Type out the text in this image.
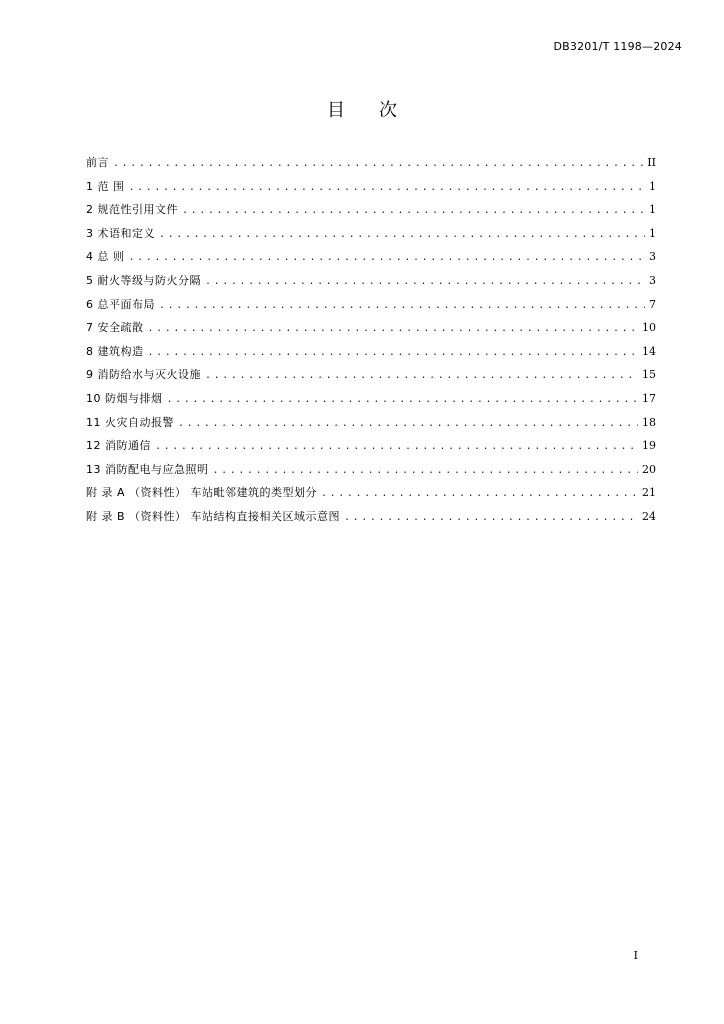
DB3201/T 1198—2024
目次
前言 .....	II
1 范 围 .....	1
2 规范性引用文件 .....	1
3 术语和定义 .....	1
4 总 则 .....	3
5 耐火等级与防火分隔 .....	3
6 总平面布局 .....	7
7 安全疏散 .....	10
8 建筑构造 .....	14
9 消防给水与灭火设施 .....	15
10 防烟与排烟 .....	17
11 火灾自动报警 .....	18
12 消防通信 .....	19
13 消防配电与应急照明 .....	20
附 录 A （资料性） 车站毗邻建筑的类型划分 .....	21
附 录 B （资料性） 车站结构直接相关区域示意图 .....	24
I
